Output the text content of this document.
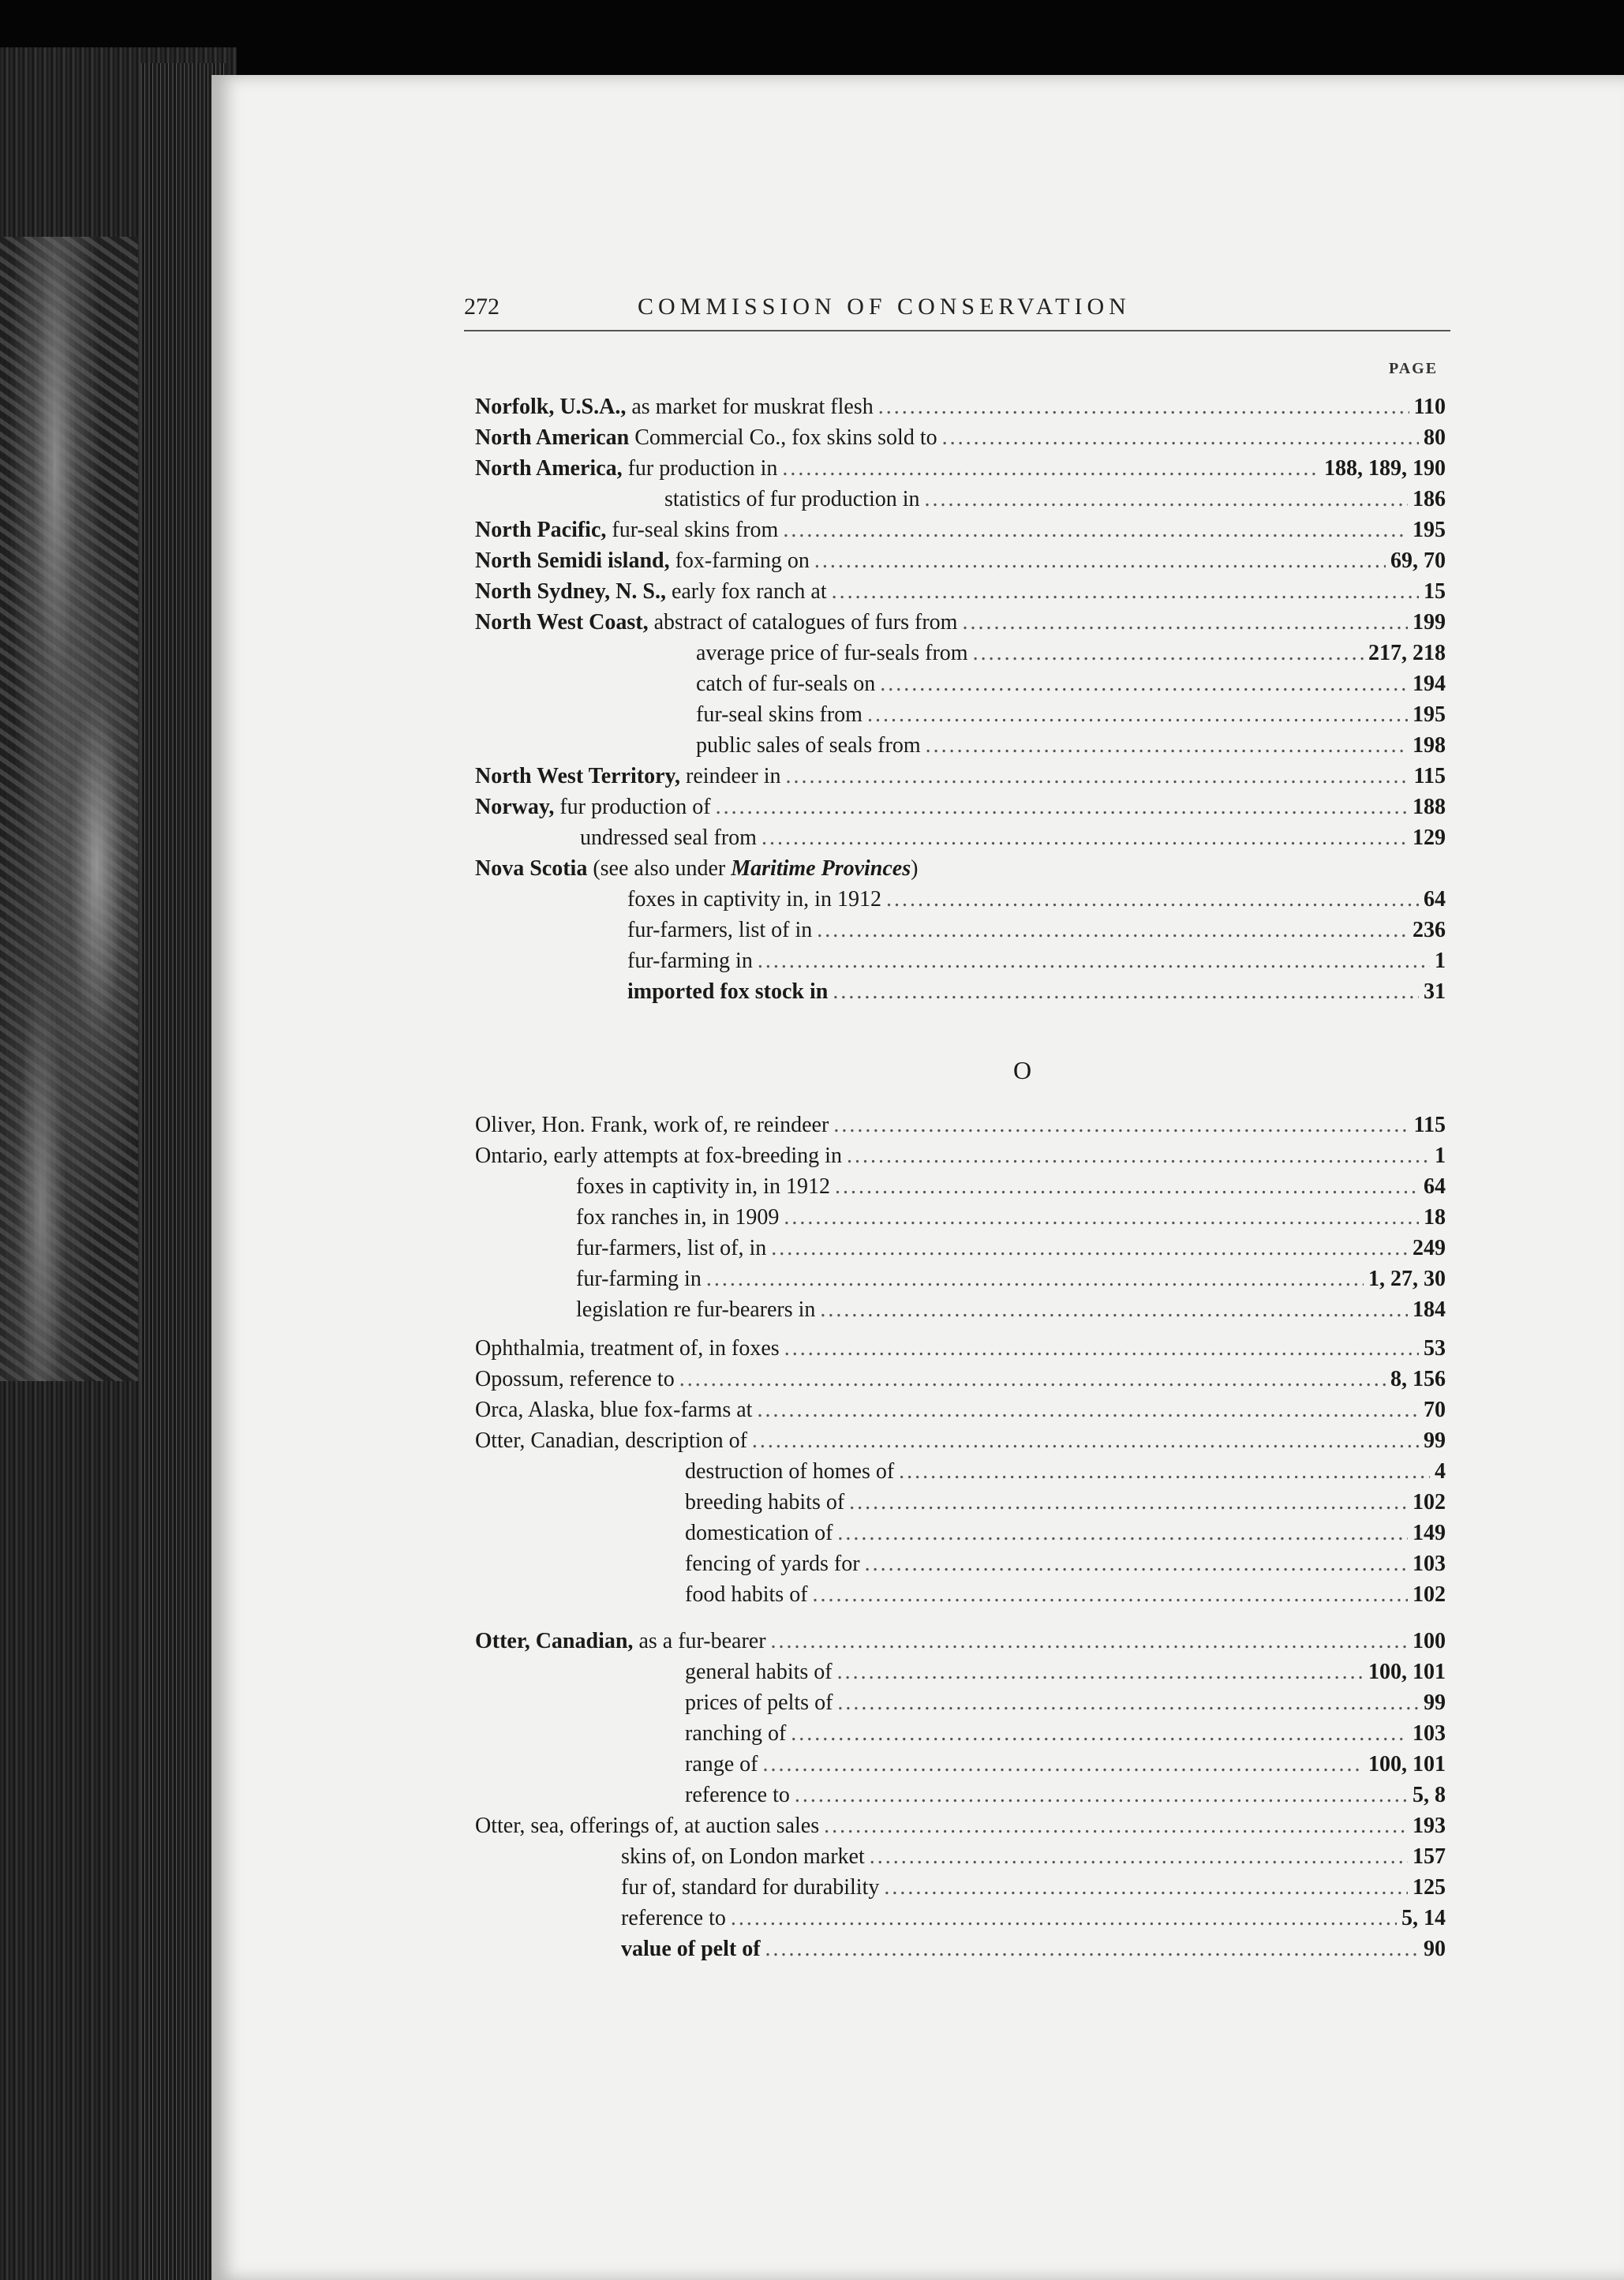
272	COMMISSION OF CONSERVATION
PAGE
Norfolk, U.S.A., as market for muskrat flesh . . .	110
North American Commercial Co., fox skins sold to . . .	80
North America, fur production in . . .	188, 189, 190
statistics of fur production in . . .	186
North Pacific, fur-seal skins from . . .	195
North Semidi island, fox-farming on . . .	69, 70
North Sydney, N. S., early fox ranch at . . .	15
North West Coast, abstract of catalogues of furs from . . .	199
average price of fur-seals from . . .	217, 218
catch of fur-seals on . . .	194
fur-seal skins from . . .	195
public sales of seals from . . .	198
North West Territory, reindeer in . . .	115
Norway, fur production of . . .	188
undressed seal from . . .	129
Nova Scotia (see also under Maritime Provinces)
foxes in captivity in, in 1912 . . .	64
fur-farmers, list of in . . .	236
fur-farming in . . .	1
imported fox stock in . . .	31
O
Oliver, Hon. Frank, work of, re reindeer . . .	115
Ontario, early attempts at fox-breeding in . . .	1
foxes in captivity in, in 1912 . . .	64
fox ranches in, in 1909 . . .	18
fur-farmers, list of, in . . .	249
fur-farming in . . .	1, 27, 30
legislation re fur-bearers in . . .	184
Ophthalmia, treatment of, in foxes . . .	53
Opossum, reference to . . .	8, 156
Orca, Alaska, blue fox-farms at . . .	70
Otter, Canadian, description of . . .	99
destruction of homes of . . .	4
breeding habits of . . .	102
domestication of . . .	149
fencing of yards for . . .	103
food habits of . . .	102
Otter, Canadian, as a fur-bearer . . .	100
general habits of . . .	100, 101
prices of pelts of . . .	99
ranching of . . .	103
range of . . .	100, 101
reference to . . .	5, 8
Otter, sea, offerings of, at auction sales . . .	193
skins of, on London market . . .	157
fur of, standard for durability . . .	125
reference to . . .	5, 14
value of pelt of . . .	90
